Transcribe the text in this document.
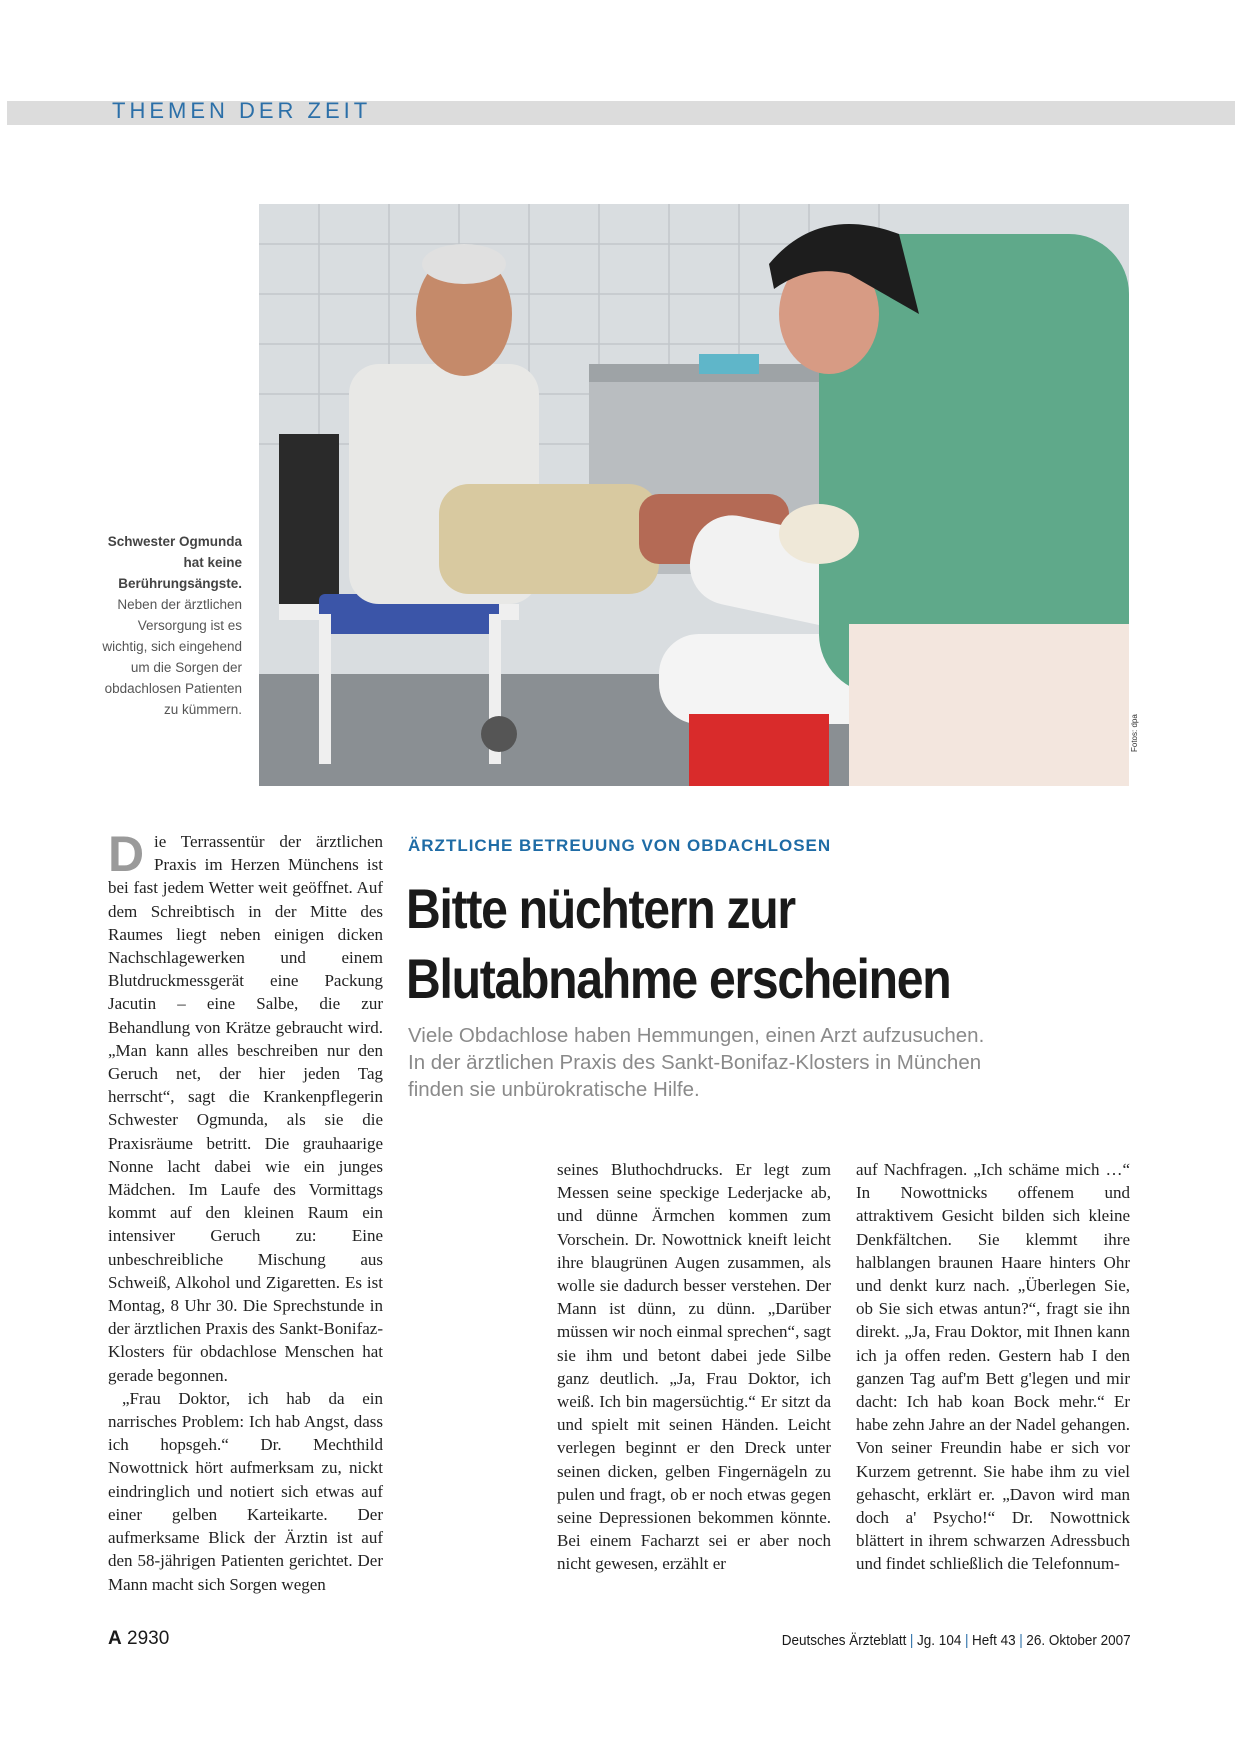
THEMEN DER ZEIT
Schwester Ogmunda hat keine Berührungsängste. Neben der ärztlichen Versorgung ist es wichtig, sich eingehend um die Sorgen der obdachlosen Patienten zu kümmern.
Fotos: dpa
ÄRZTLICHE BETREUUNG VON OBDACHLOSEN
Bitte nüchtern zur
Blutabnahme erscheinen
Viele Obdachlose haben Hemmungen, einen Arzt aufzusuchen.
In der ärztlichen Praxis des Sankt-Bonifaz-Klosters in München
finden sie unbürokratische Hilfe.

Die Terrassentür der ärztlichen Praxis im Herzen Münchens ist bei fast jedem Wetter weit geöffnet. Auf dem Schreibtisch in der Mitte des Raumes liegt neben einigen dicken Nachschlagewerken und einem Blutdruckmessgerät eine Packung Jacutin – eine Salbe, die zur Behandlung von Krätze gebraucht wird. „Man kann alles beschreiben nur den Geruch net, der hier jeden Tag herrscht“, sagt die Krankenpflegerin Schwester Ogmunda, als sie die Praxisräume betritt. Die grauhaarige Nonne lacht dabei wie ein junges Mädchen. Im Laufe des Vormittags kommt auf den kleinen Raum ein intensiver Geruch zu: Eine unbeschreibliche Mischung aus Schweiß, Alkohol und Zigaretten. Es ist Montag, 8 Uhr 30. Die Sprechstunde in der ärztlichen Praxis des Sankt-Bonifaz-Klosters für obdachlose Menschen hat gerade begonnen.

„Frau Doktor, ich hab da ein narrisches Problem: Ich hab Angst, dass ich hopsgeh.“ Dr. Mechthild Nowottnick hört aufmerksam zu, nickt eindringlich und notiert sich etwas auf einer gelben Karteikarte. Der aufmerksame Blick der Ärztin ist auf den 58-jährigen Patienten gerichtet. Der Mann macht sich Sorgen wegen

seines Bluthochdrucks. Er legt zum Messen seine speckige Lederjacke ab, und dünne Ärmchen kommen zum Vorschein. Dr. Nowottnick kneift leicht ihre blaugrünen Augen zusammen, als wolle sie dadurch besser verstehen. Der Mann ist dünn, zu dünn. „Darüber müssen wir noch einmal sprechen“, sagt sie ihm und betont dabei jede Silbe ganz deutlich. „Ja, Frau Doktor, ich weiß. Ich bin magersüchtig.“ Er sitzt da und spielt mit seinen Händen. Leicht verlegen beginnt er den Dreck unter seinen dicken, gelben Fingernägeln zu pulen und fragt, ob er noch etwas gegen seine Depressionen bekommen könnte. Bei einem Facharzt sei er aber noch nicht gewesen, erzählt er

auf Nachfragen. „Ich schäme mich …“ In Nowottnicks offenem und attraktivem Gesicht bilden sich kleine Denkfältchen. Sie klemmt ihre halblangen braunen Haare hinters Ohr und denkt kurz nach. „Überlegen Sie, ob Sie sich etwas antun?“, fragt sie ihn direkt. „Ja, Frau Doktor, mit Ihnen kann ich ja offen reden. Gestern hab I den ganzen Tag auf'm Bett g'legen und mir dacht: Ich hab koan Bock mehr.“ Er habe zehn Jahre an der Nadel gehangen. Von seiner Freundin habe er sich vor Kurzem getrennt. Sie habe ihm zu viel gehascht, erklärt er. „Davon wird man doch a' Psycho!“ Dr. Nowottnick blättert in ihrem schwarzen Adressbuch und findet schließlich die Telefonnum-

A 2930	Deutsches Ärzteblatt | Jg. 104 | Heft 43 | 26. Oktober 2007
